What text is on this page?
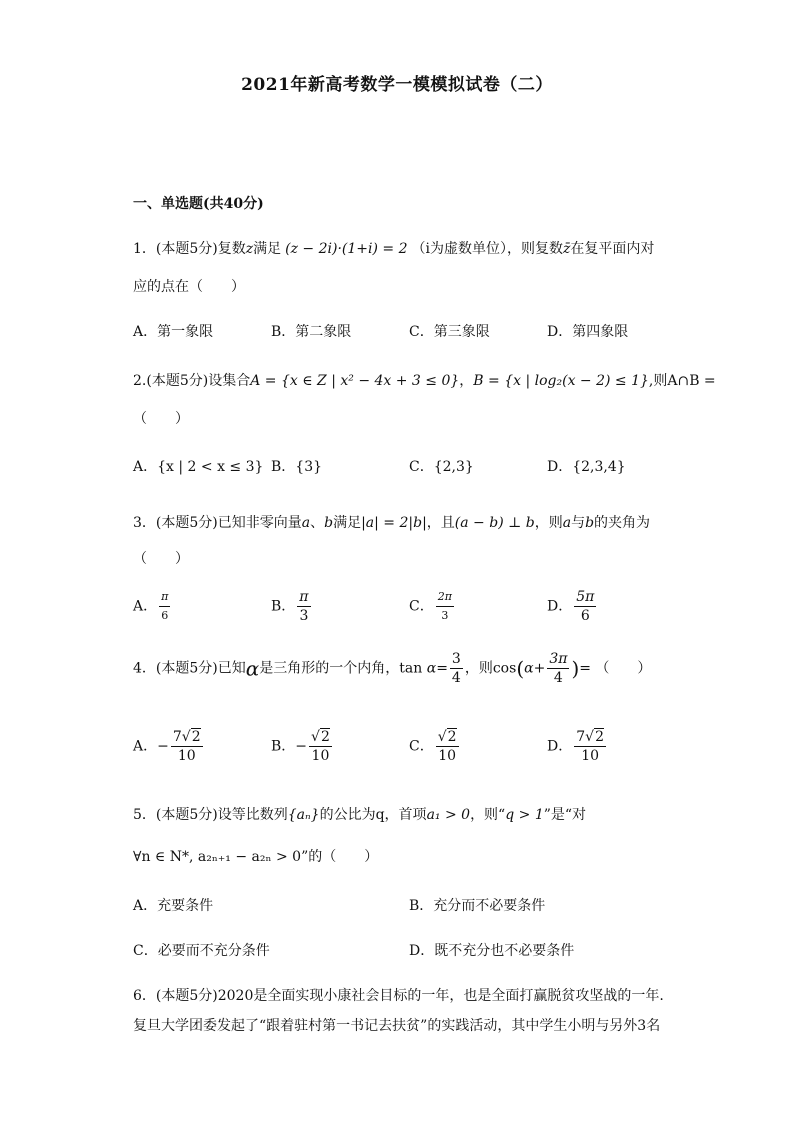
2021年新高考数学一模模拟试卷（二）
一、单选题(共40分)
1．(本题5分)复数z满足 (z − 2i)·(1+i) = 2 （i为虚数单位），则复数z̄在复平面内对
应的点在（　　）
A．第一象限	B．第二象限	C．第三象限	D．第四象限
2.(本题5分)设集合A = {x ∈ Z | x² − 4x + 3 ≤ 0}，B = {x | log₂(x − 2) ≤ 1},则A∩B =
（　　）
A．{x | 2 < x ≤ 3} B．{3}	C．{2,3}	D．{2,3,4}
3．(本题5分)已知非零向量a、b满足|a| = 2|b|，且(a − b) ⊥ b，则a与b的夹角为
（　　）
A． $\frac{\pi}{6}$	B． $\frac{\pi}{3}$	C． $\frac{2\pi}{3}$	D． $\frac{5\pi}{6}$
4．(本题5分)已知α是三角形的一个内角，$\tan \alpha= \frac{3}{4}$ ，则$\cos(\alpha+ \frac{3\pi}{4}$ )= （　　）
A．− $\frac{7√2}{10}$	B．− $\frac{√2}{10}$	C． $\frac{√2}{10}$	D． $\frac{7√2}{10}$
5．(本题5分)设等比数列{aₙ}的公比为q，首项a₁ > 0，则“q > 1”是“对
∀n ∈ N*, a₂ₙ₊₁ − a₂ₙ > 0”的（　　）
A．充要条件	B．充分而不必要条件
C．必要而不充分条件	D．既不充分也不必要条件
6．(本题5分)2020是全面实现小康社会目标的一年，也是全面打赢脱贫攻坚战的一年.
复旦大学团委发起了“跟着驻村第一书记去扶贫”的实践活动，其中学生小明与另外3名
